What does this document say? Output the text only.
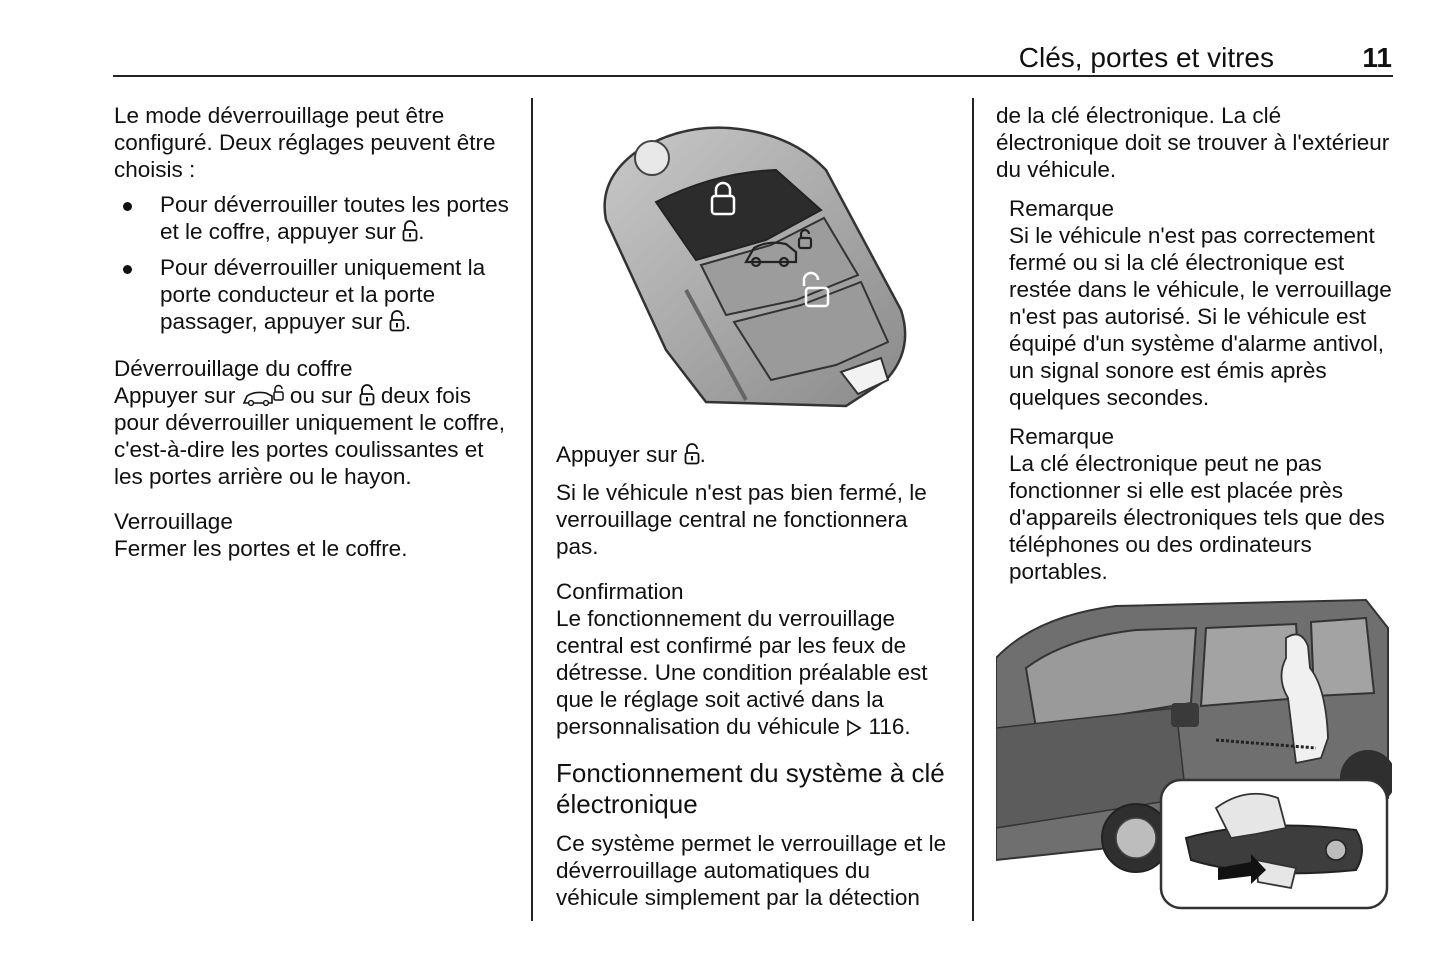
Clés, portes et vitres	11

Le mode déverrouillage peut être configuré. Deux réglages peuvent être choisis :

Pour déverrouiller toutes les portes et le coffre, appuyer sur .
Pour déverrouiller uniquement la porte conducteur et la porte passager, appuyer sur .

Déverrouillage du coffre

Appuyer sur ou sur deux fois pour déverrouiller uniquement le coffre, c'est-à-dire les portes coulissantes et les portes arrière ou le hayon.

Verrouillage

Fermer les portes et le coffre.

Appuyer sur .

Si le véhicule n'est pas bien fermé, le verrouillage central ne fonctionnera pas.

Confirmation

Le fonctionnement du verrouillage central est confirmé par les feux de détresse. Une condition préalable est que le réglage soit activé dans la personnalisation du véhicule 116.

Fonctionnement du système à clé électronique

Ce système permet le verrouillage et le déverrouillage automatiques du véhicule simplement par la détection

de la clé électronique. La clé électronique doit se trouver à l'extérieur du véhicule.

Remarque

Si le véhicule n'est pas correctement fermé ou si la clé électronique est restée dans le véhicule, le verrouillage n'est pas autorisé. Si le véhicule est équipé d'un système d'alarme antivol, un signal sonore est émis après quelques secondes.

Remarque

La clé électronique peut ne pas fonctionner si elle est placée près d'appareils électroniques tels que des téléphones ou des ordinateurs portables.
